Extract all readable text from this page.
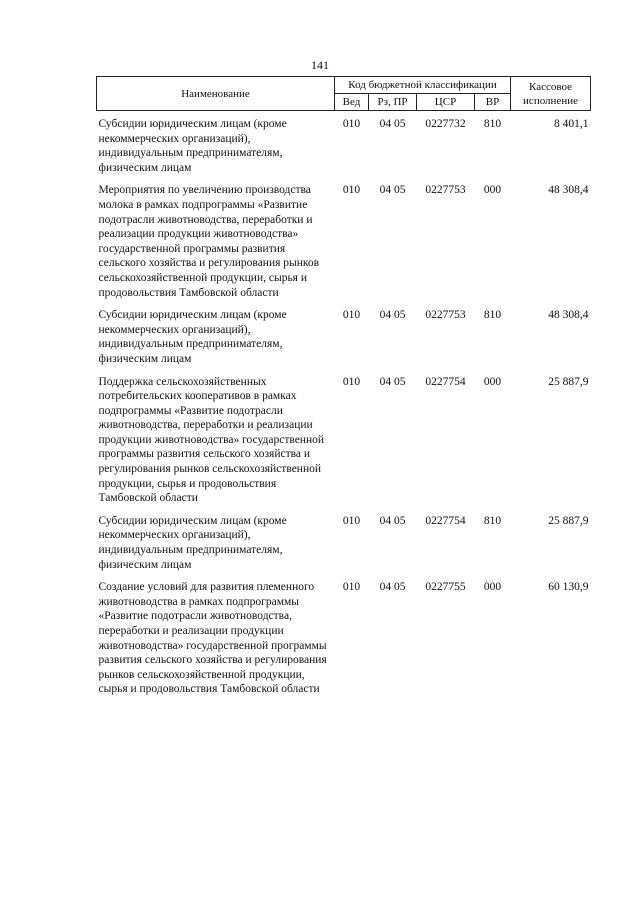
141
Наименование	Код бюджетной классификации				Кассовое исполнение
	Вед	Рз, ПР	ЦСР	ВР	
Субсидии юридическим лицам (кроме некоммерческих организаций), индивидуальным предпринимателям, физическим лицам	010	04 05	0227732	810	8 401,1
Мероприятия по увеличению производства молока в рамках подпрограммы «Развитие подотрасли животноводства, переработки и реализации продукции животноводства» государственной программы развития сельского хозяйства и регулирования рынков сельскохозяйственной продукции, сырья и продовольствия Тамбовской области	010	04 05	0227753	000	48 308,4
Субсидии юридическим лицам (кроме некоммерческих организаций), индивидуальным предпринимателям, физическим лицам	010	04 05	0227753	810	48 308,4
Поддержка сельскохозяйственных потребительских кооперативов в рамках подпрограммы «Развитие подотрасли животноводства, переработки и реализации продукции животноводства» государственной программы развития сельского хозяйства и регулирования рынков сельскохозяйственной продукции, сырья и продовольствия Тамбовской области	010	04 05	0227754	000	25 887,9
Субсидии юридическим лицам (кроме некоммерческих организаций), индивидуальным предпринимателям, физическим лицам	010	04 05	0227754	810	25 887,9
Создание условий для развития племенного животноводства в рамках подпрограммы «Развитие подотрасли животноводства, переработки и реализации продукции животноводства» государственной программы развития сельского хозяйства и регулирования рынков сельскохозяйственной продукции, сырья и продовольствия Тамбовской области	010	04 05	0227755	000	60 130,9
